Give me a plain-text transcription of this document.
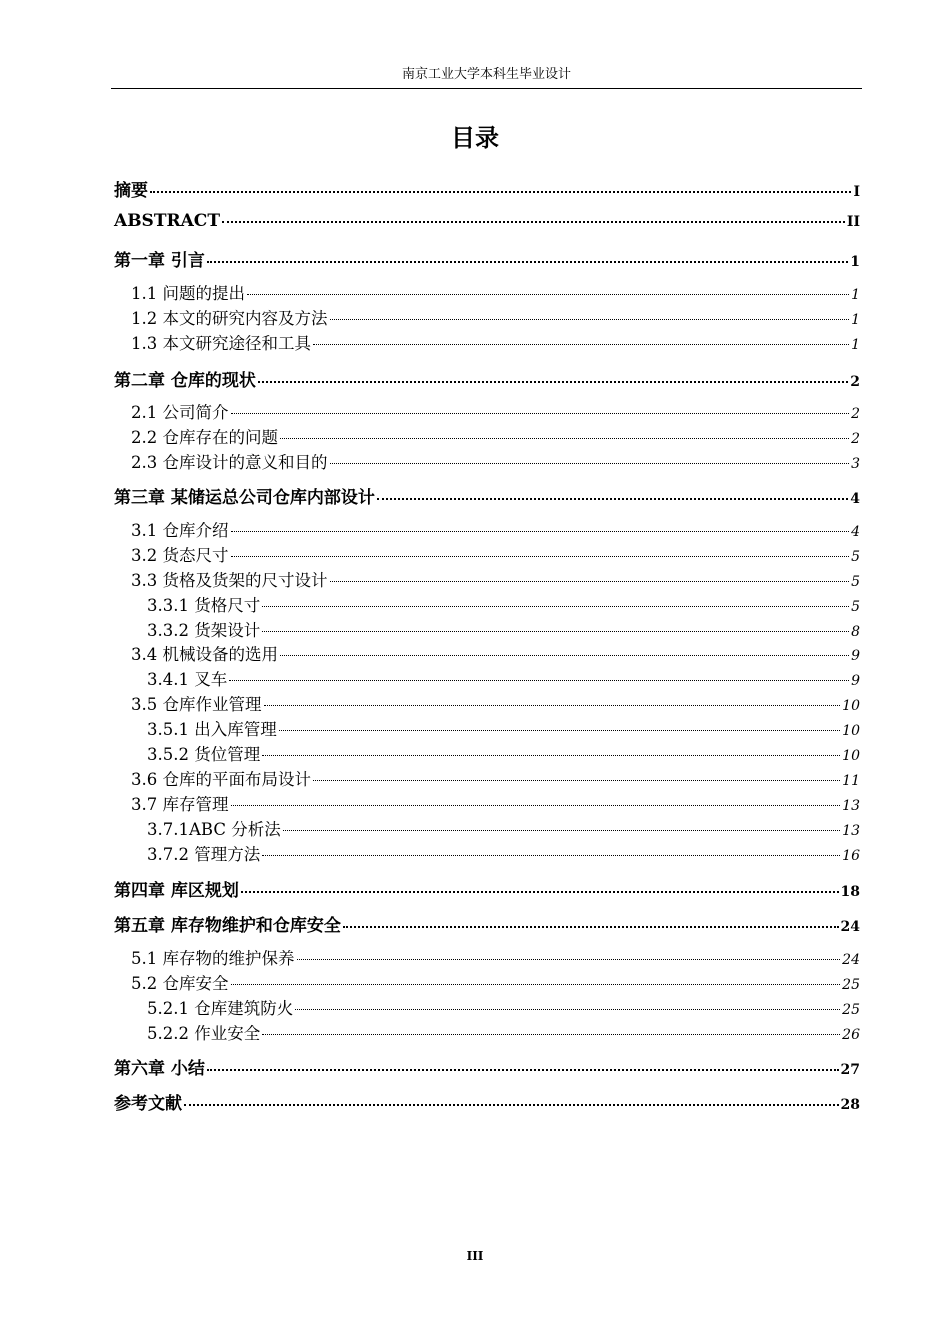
南京工业大学本科生毕业设计
目录
摘要	I
ABSTRACT	II
第一章 引言	1
1.1 问题的提出	1
1.2 本文的研究内容及方法	1
1.3 本文研究途径和工具	1
第二章 仓库的现状	2
2.1 公司简介	2
2.2 仓库存在的问题	2
2.3 仓库设计的意义和目的	3
第三章 某储运总公司仓库内部设计	4
3.1 仓库介绍	4
3.2 货态尺寸	5
3.3 货格及货架的尺寸设计	5
3.3.1 货格尺寸	5
3.3.2 货架设计	8
3.4 机械设备的选用	9
3.4.1 叉车	9
3.5 仓库作业管理	10
3.5.1 出入库管理	10
3.5.2 货位管理	10
3.6 仓库的平面布局设计	11
3.7 库存管理	13
3.7.1ABC 分析法	13
3.7.2 管理方法	16
第四章 库区规划	18
第五章 库存物维护和仓库安全	24
5.1 库存物的维护保养	24
5.2 仓库安全	25
5.2.1 仓库建筑防火	25
5.2.2 作业安全	26
第六章 小结	27
参考文献	28
III
